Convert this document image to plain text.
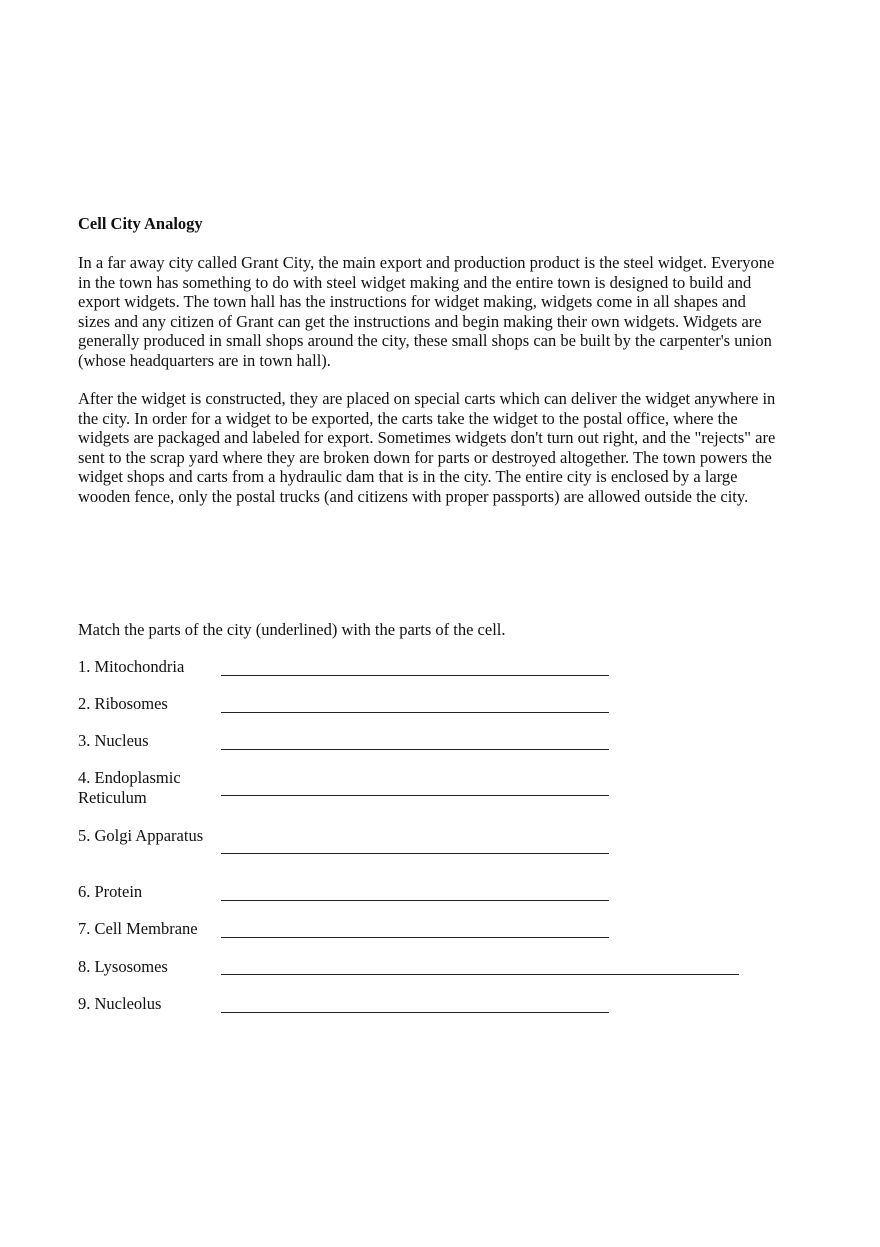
Cell City Analogy

In a far away city called Grant City, the main export and production product is the steel widget. Everyone in the town has something to do with steel widget making and the entire town is designed to build and export widgets. The town hall has the instructions for widget making, widgets come in all shapes and sizes and any citizen of Grant can get the instructions and begin making their own widgets. Widgets are generally produced in small shops around the city, these small shops can be built by the carpenter's union (whose headquarters are in town hall).

After the widget is constructed, they are placed on special carts which can deliver the widget anywhere in the city. In order for a widget to be exported, the carts take the widget to the postal office, where the widgets are packaged and labeled for export. Sometimes widgets don't turn out right, and the "rejects" are sent to the scrap yard where they are broken down for parts or destroyed altogether. The town powers the widget shops and carts from a hydraulic dam that is in the city. The entire city is enclosed by a large wooden fence, only the postal trucks (and citizens with proper passports) are allowed outside the city.

Match the parts of the city (underlined) with the parts of the cell.

1. Mitochondria
2. Ribosomes
3. Nucleus
4. Endoplasmic Reticulum
5. Golgi Apparatus
6. Protein
7. Cell Membrane
8. Lysosomes
9. Nucleolus
